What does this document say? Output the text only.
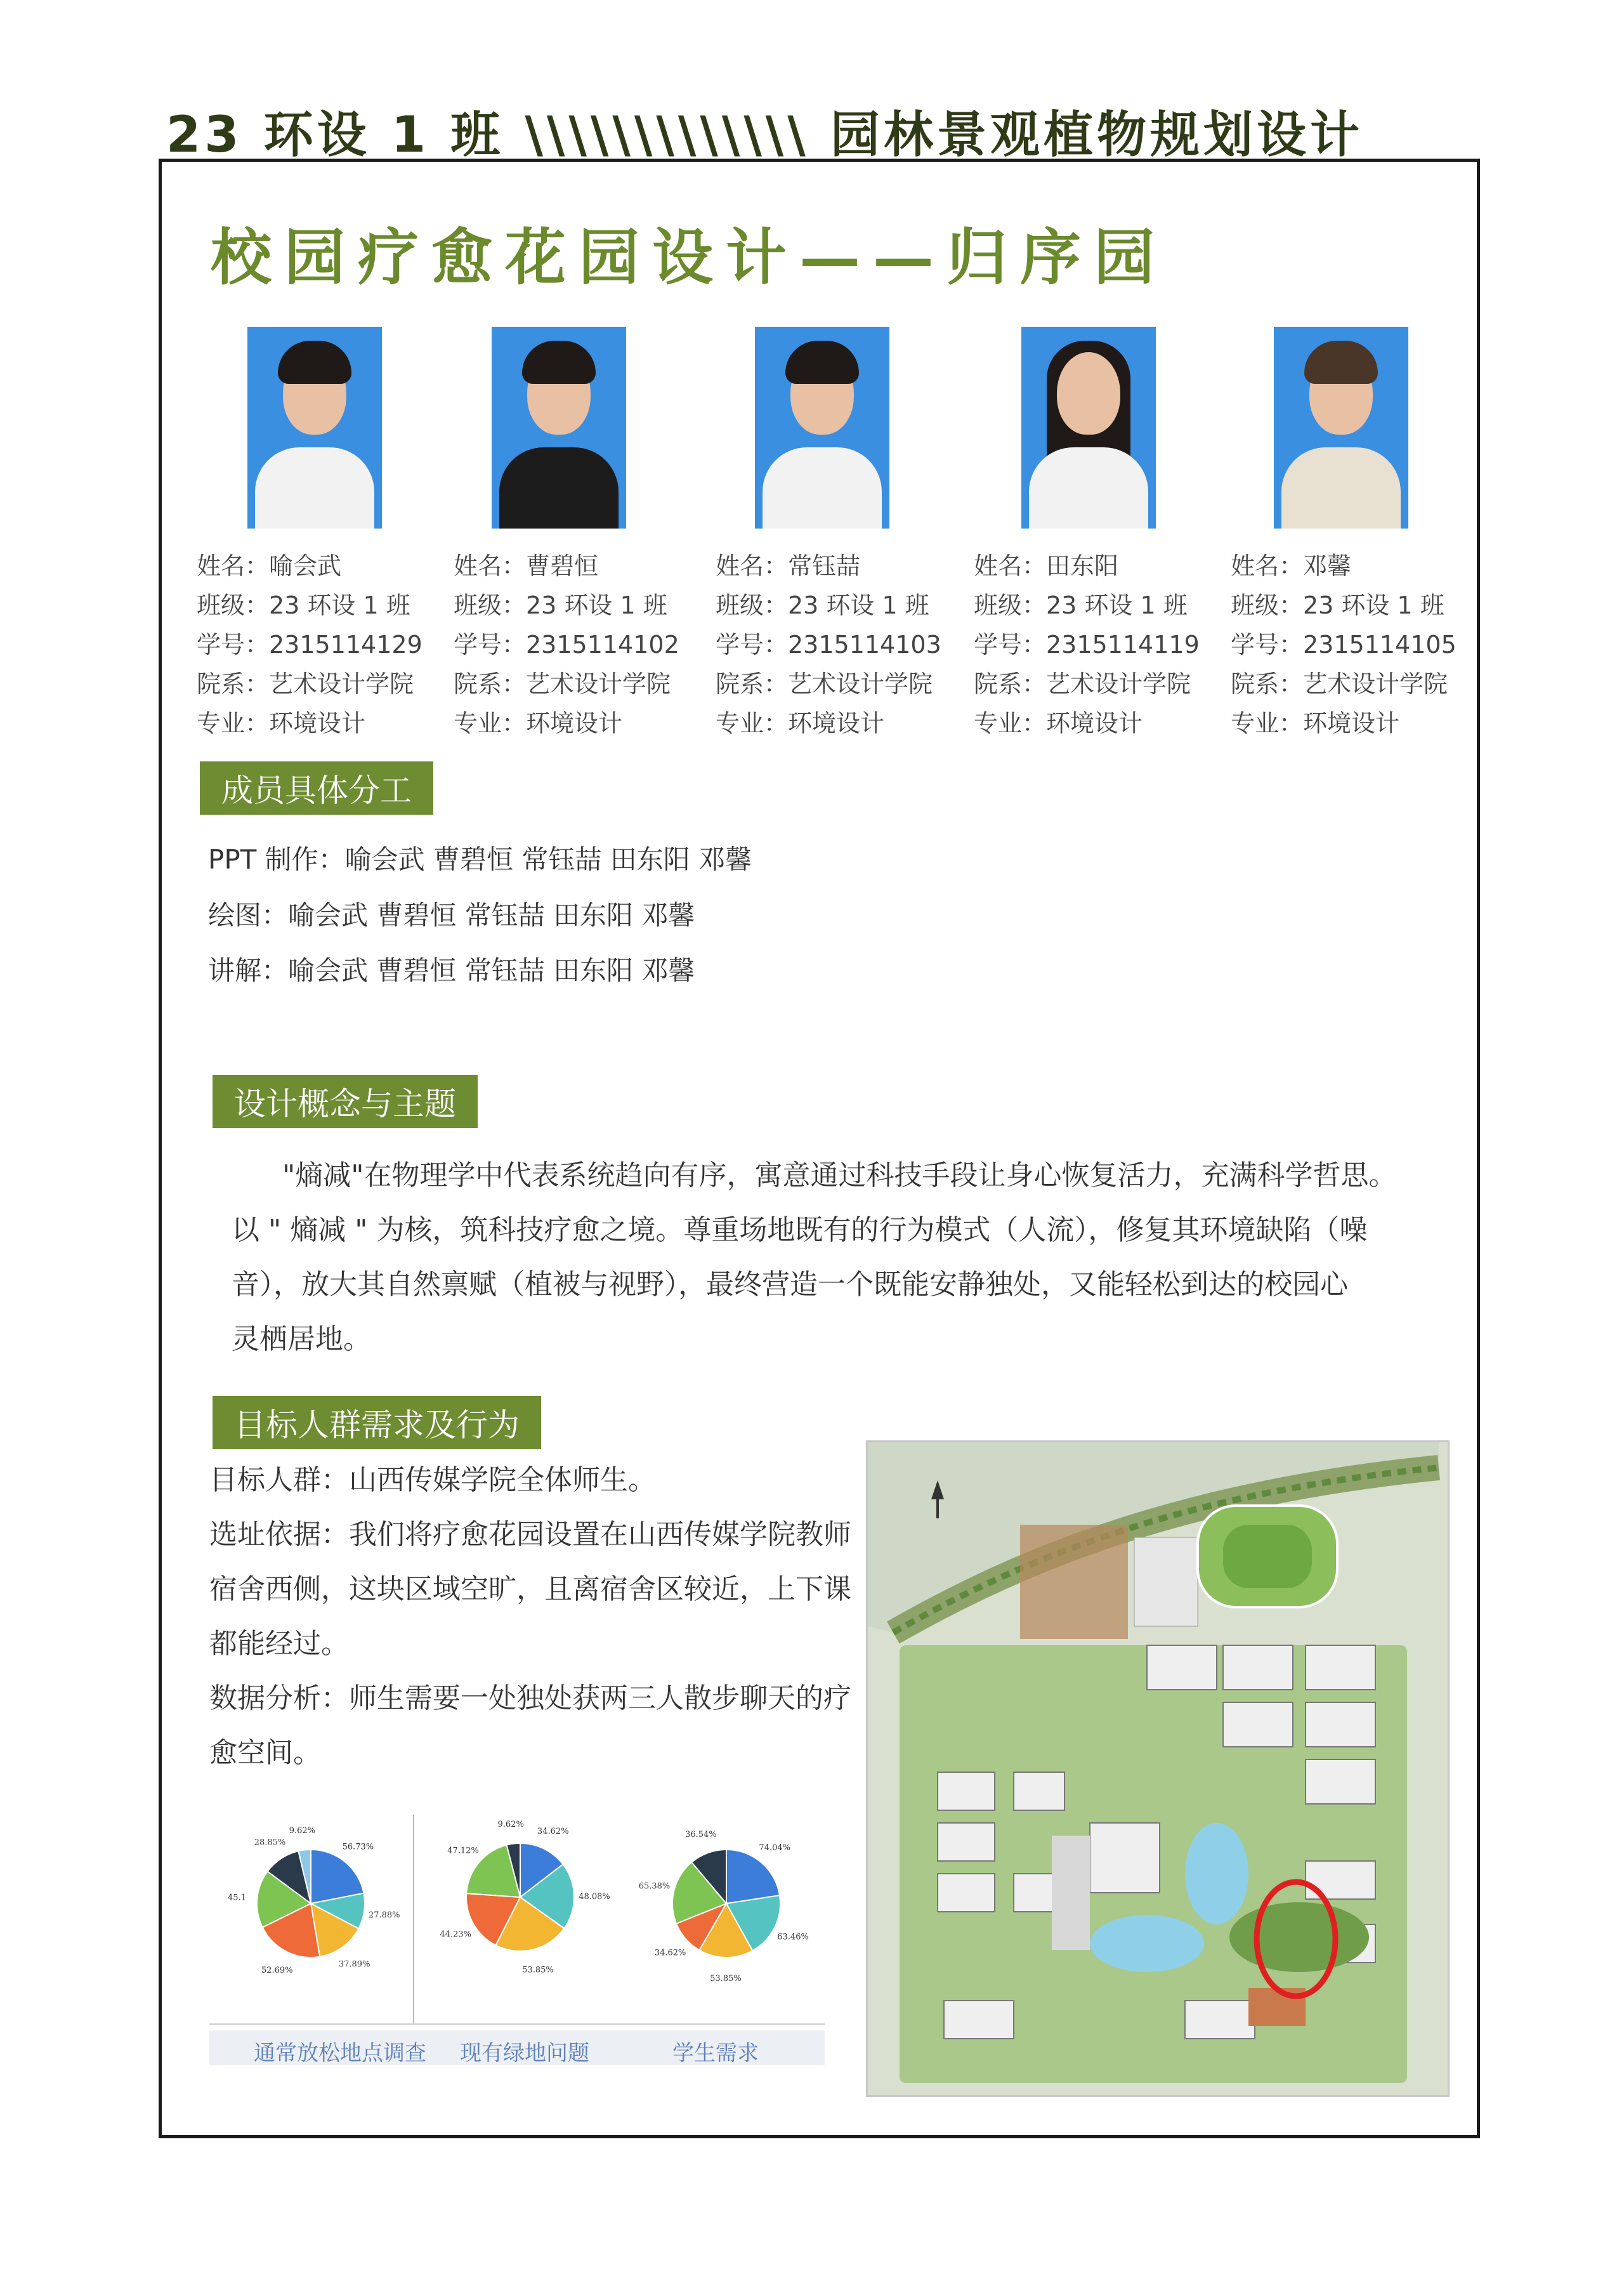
23 环设 1 班 \\\\\\\\\\\\\ 园林景观植物规划设计
校园疗愈花园设计——归序园
姓名：喻会武
班级：23 环设 1 班
学号：2315114129
院系：艺术设计学院
专业：环境设计
姓名：曹碧恒
班级：23 环设 1 班
学号：2315114102
院系：艺术设计学院
专业：环境设计
姓名：常钰喆
班级：23 环设 1 班
学号：2315114103
院系：艺术设计学院
专业：环境设计
姓名：田东阳
班级：23 环设 1 班
学号：2315114119
院系：艺术设计学院
专业：环境设计
姓名：邓馨
班级：23 环设 1 班
学号：2315114105
院系：艺术设计学院
专业：环境设计
成员具体分工
PPT 制作：喻会武 曹碧恒 常钰喆 田东阳 邓馨
绘图：喻会武 曹碧恒 常钰喆 田东阳 邓馨
讲解：喻会武 曹碧恒 常钰喆 田东阳 邓馨
设计概念与主题
"熵减"在物理学中代表系统趋向有序，寓意通过科技手段让身心恢复活力，充满科学哲思。
以 " 熵减 " 为核，筑科技疗愈之境。尊重场地既有的行为模式（人流），修复其环境缺陷（噪
音），放大其自然禀赋（植被与视野），最终营造一个既能安静独处，又能轻松到达的校园心
灵栖居地。
目标人群需求及行为
目标人群：山西传媒学院全体师生。
选址依据：我们将疗愈花园设置在山西传媒学院教师
宿舍西侧，这块区域空旷，且离宿舍区较近，上下课
都能经过。
数据分析：师生需要一处独处获两三人散步聊天的疗
愈空间。
56.73%
27.88%
37.89%
52.69%
45.1
28.85%
9.62%	34.62%
48.08%
53.85%
44.23%
47.12%
9.62%
74.04%
63.46%
53.85%
34.62%
65.38%
36.54%
通常放松地点调查 现有绿地问题	学生需求
